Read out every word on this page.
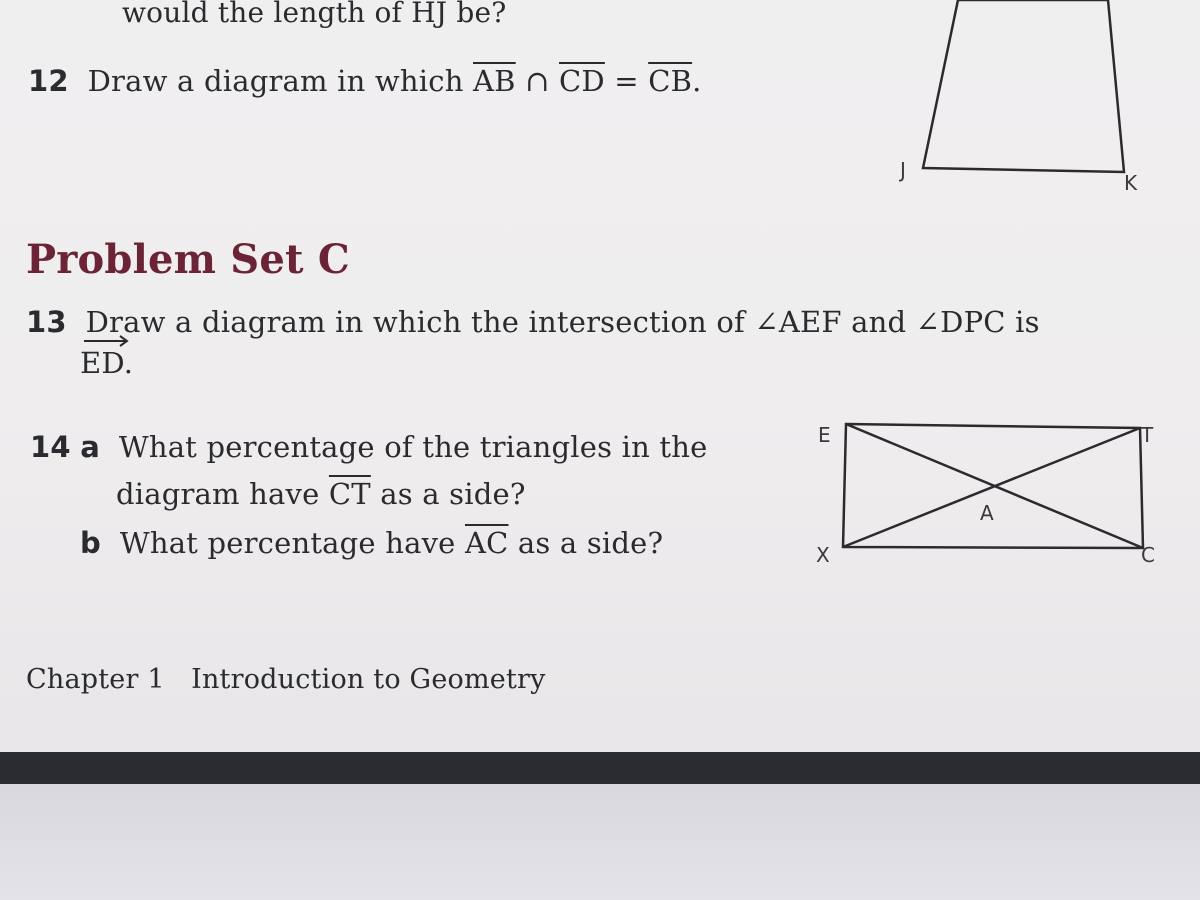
would the length of $\overline{HJ}$ be?
12 Draw a diagram in which $\overline{AB}$ ∩ $\overline{CD} = \overline{CB}$.
J
K
Problem Set C
13 Draw a diagram in which the intersection of ∠AEF and ∠DPC is
ED.
14 a What percentage of the triangles in the
diagram have $\overline{CT}$ as a side?
b What percentage have $\overline{AC}$ as a side?
E	T
A
X	C
Chapter 1 Introduction to Geometry
